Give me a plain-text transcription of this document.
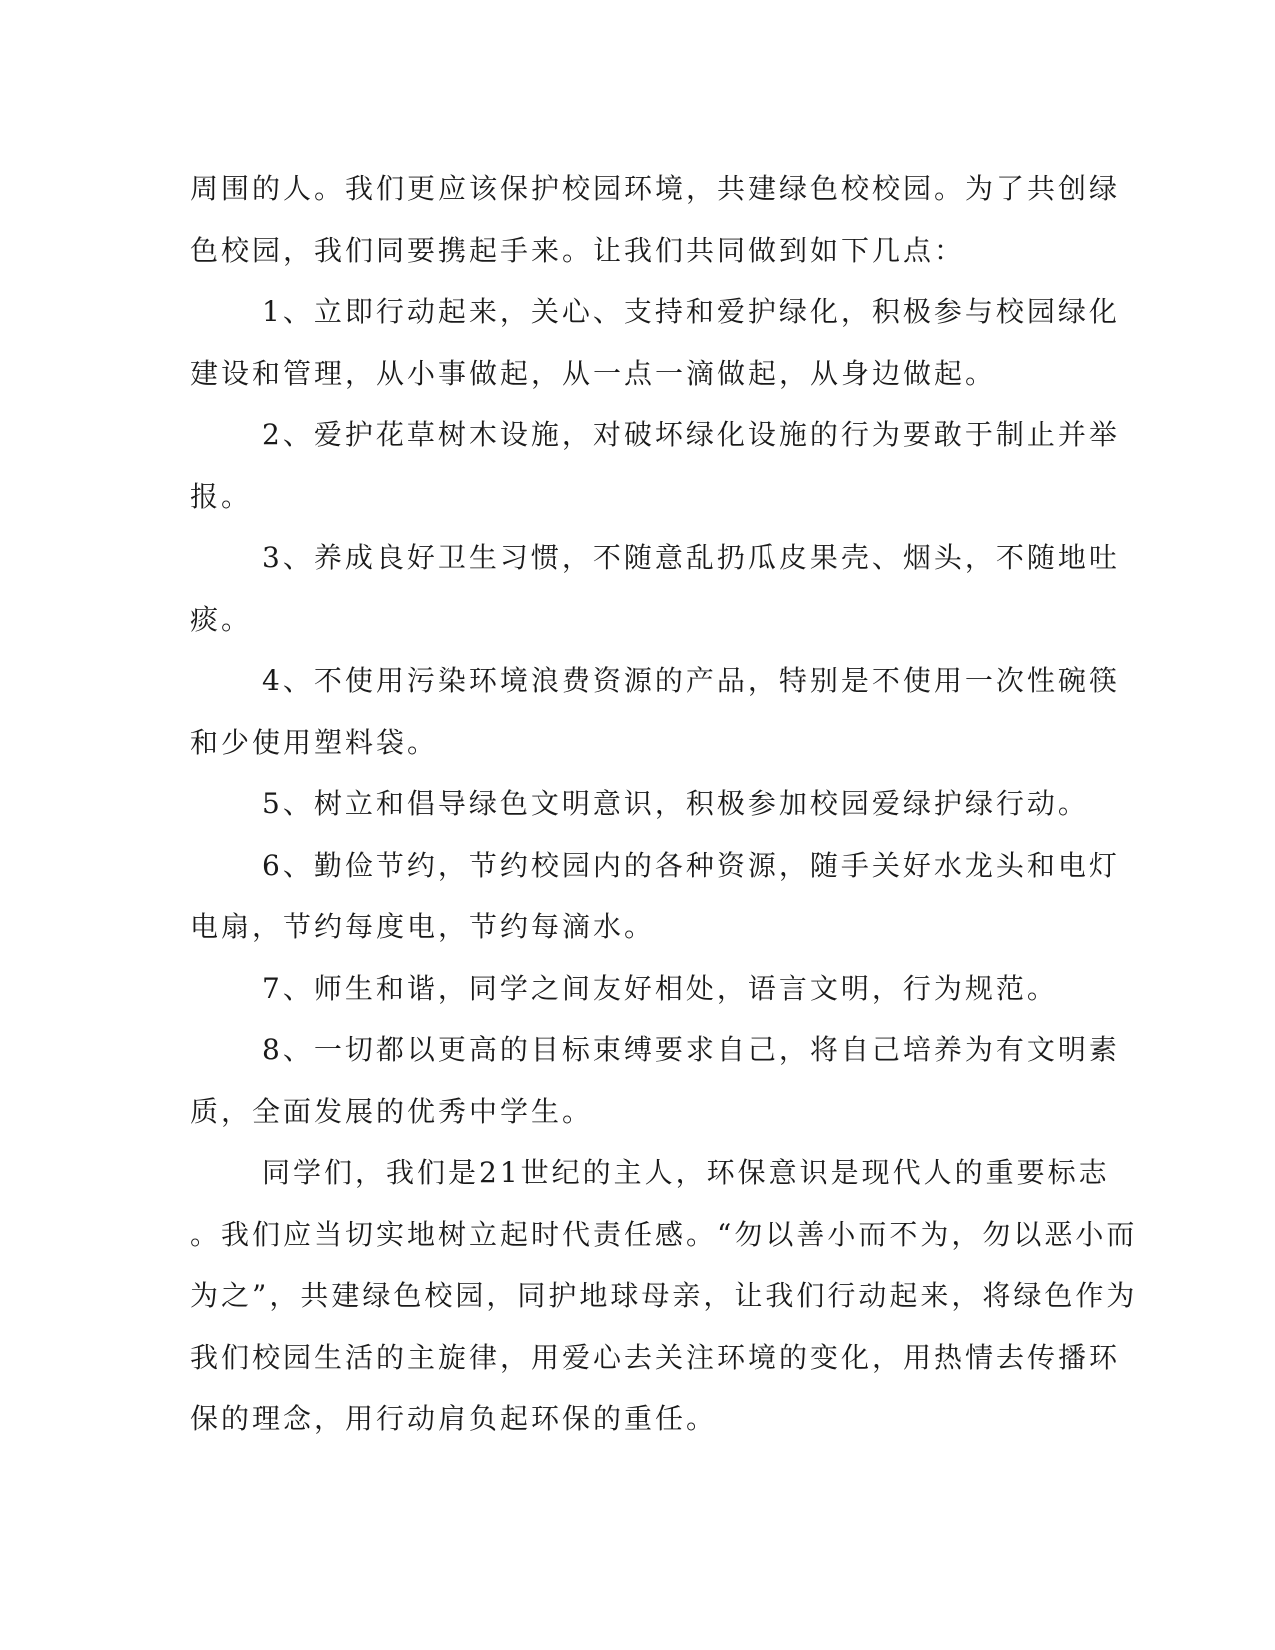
周围的人。我们更应该保护校园环境，共建绿色校校园。为了共创绿

色校园，我们同要携起手来。让我们共同做到如下几点：

1、立即行动起来，关心、支持和爱护绿化，积极参与校园绿化

建设和管理，从小事做起，从一点一滴做起，从身边做起。

2、爱护花草树木设施，对破坏绿化设施的行为要敢于制止并举

报。

3、养成良好卫生习惯，不随意乱扔瓜皮果壳、烟头，不随地吐

痰。

4、不使用污染环境浪费资源的产品，特别是不使用一次性碗筷

和少使用塑料袋。

5、树立和倡导绿色文明意识，积极参加校园爱绿护绿行动。

6、勤俭节约，节约校园内的各种资源，随手关好水龙头和电灯

电扇，节约每度电，节约每滴水。

7、师生和谐，同学之间友好相处，语言文明，行为规范。

8、一切都以更高的目标束缚要求自己，将自己培养为有文明素

质，全面发展的优秀中学生。

同学们，我们是21世纪的主人，环保意识是现代人的重要标志

。我们应当切实地树立起时代责任感。“勿以善小而不为，勿以恶小而

为之”，共建绿色校园，同护地球母亲，让我们行动起来，将绿色作为

我们校园生活的主旋律，用爱心去关注环境的变化，用热情去传播环

保的理念，用行动肩负起环保的重任。
